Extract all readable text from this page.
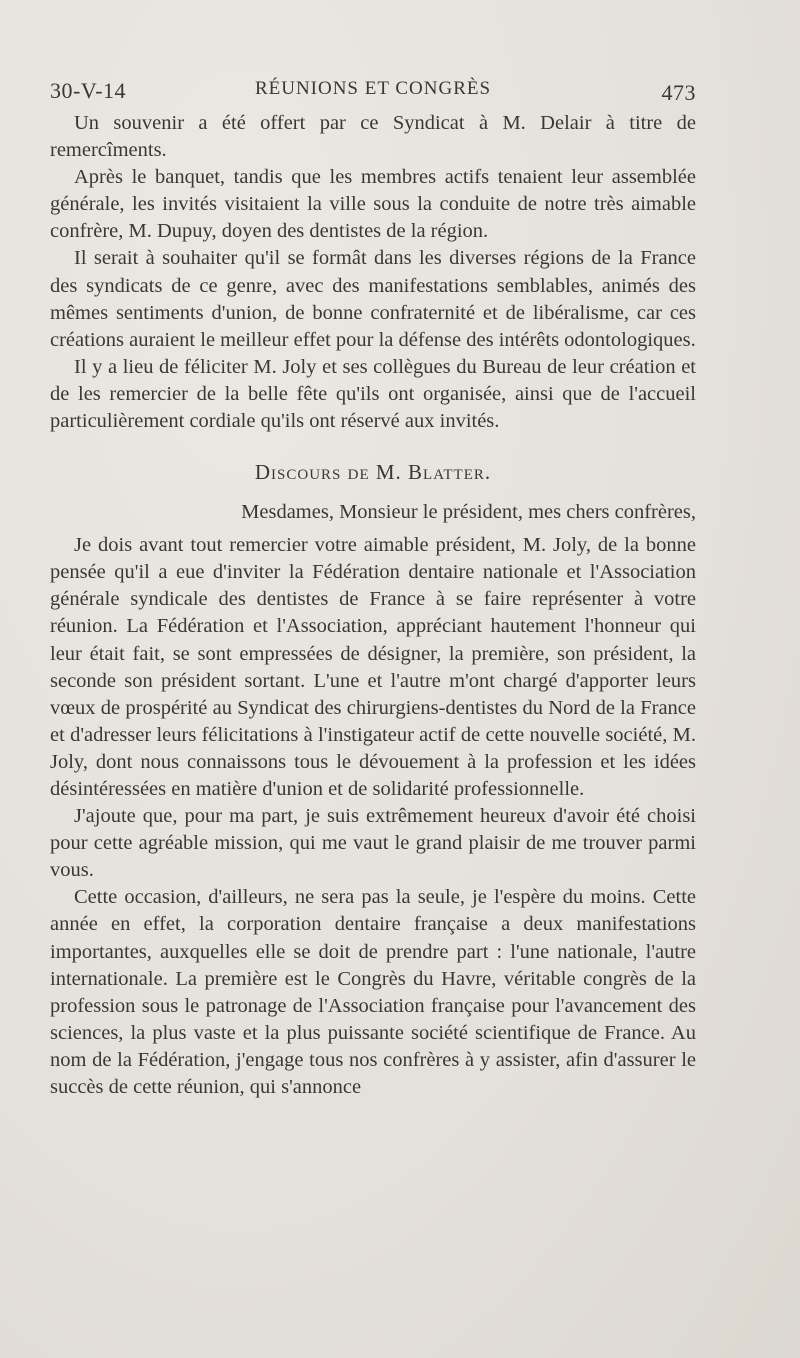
30-V-14	RÉUNIONS ET CONGRÈS	473

Un souvenir a été offert par ce Syndicat à M. Delair à titre de remercîments.

Après le banquet, tandis que les membres actifs tenaient leur assemblée générale, les invités visitaient la ville sous la conduite de notre très aimable confrère, M. Dupuy, doyen des dentistes de la région.

Il serait à souhaiter qu'il se formât dans les diverses régions de la France des syndicats de ce genre, avec des manifestations semblables, animés des mêmes sentiments d'union, de bonne confraternité et de libéralisme, car ces créations auraient le meilleur effet pour la défense des intérêts odontologiques.

Il y a lieu de féliciter M. Joly et ses collègues du Bureau de leur création et de les remercier de la belle fête qu'ils ont organisée, ainsi que de l'accueil particulièrement cordiale qu'ils ont réservé aux invités.

Discours de M. Blatter.
Mesdames, Monsieur le président, mes chers confrères,

Je dois avant tout remercier votre aimable président, M. Joly, de la bonne pensée qu'il a eue d'inviter la Fédération dentaire nationale et l'Association générale syndicale des dentistes de France à se faire représenter à votre réunion. La Fédération et l'Association, appréciant hautement l'honneur qui leur était fait, se sont empressées de désigner, la première, son président, la seconde son président sortant. L'une et l'autre m'ont chargé d'apporter leurs vœux de prospérité au Syndicat des chirurgiens-dentistes du Nord de la France et d'adresser leurs félicitations à l'instigateur actif de cette nouvelle société, M. Joly, dont nous connaissons tous le dévouement à la profession et les idées désintéressées en matière d'union et de solidarité professionnelle.

J'ajoute que, pour ma part, je suis extrêmement heureux d'avoir été choisi pour cette agréable mission, qui me vaut le grand plaisir de me trouver parmi vous.

Cette occasion, d'ailleurs, ne sera pas la seule, je l'espère du moins. Cette année en effet, la corporation dentaire française a deux manifestations importantes, auxquelles elle se doit de prendre part : l'une nationale, l'autre internationale. La première est le Congrès du Havre, véritable congrès de la profession sous le patronage de l'Association française pour l'avancement des sciences, la plus vaste et la plus puissante société scientifique de France. Au nom de la Fédération, j'engage tous nos confrères à y assister, afin d'assurer le succès de cette réunion, qui s'annonce
